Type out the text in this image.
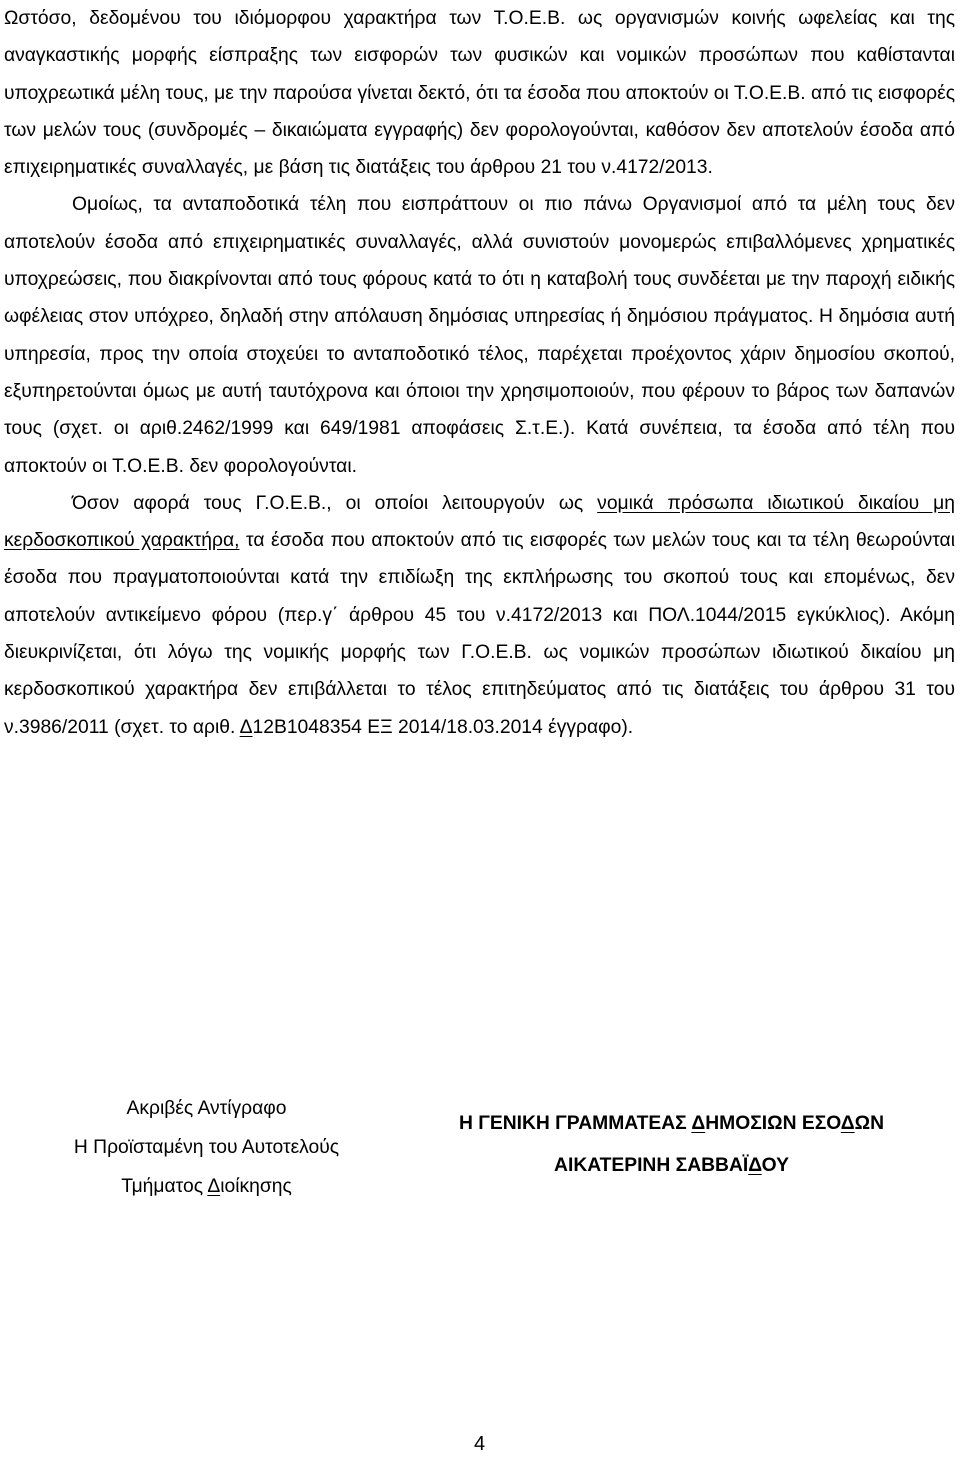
Ωστόσο, δεδομένου του ιδιόμορφου χαρακτήρα των Τ.Ο.Ε.Β. ως οργανισμών κοινής ωφελείας και της αναγκαστικής μορφής είσπραξης των εισφορών των φυσικών και νομικών προσώπων που καθίστανται υποχρεωτικά μέλη τους, με την παρούσα γίνεται δεκτό, ότι τα έσοδα που αποκτούν οι Τ.Ο.Ε.Β. από τις εισφορές των μελών τους (συνδρομές – δικαιώματα εγγραφής) δεν φορολογούνται, καθόσον δεν αποτελούν έσοδα από επιχειρηματικές συναλλαγές, με βάση τις διατάξεις του άρθρου 21 του ν.4172/2013.

Ομοίως, τα ανταποδοτικά τέλη που εισπράττουν οι πιο πάνω Οργανισμοί από τα μέλη τους δεν αποτελούν έσοδα από επιχειρηματικές συναλλαγές, αλλά συνιστούν μονομερώς επιβαλλόμενες χρηματικές υποχρεώσεις, που διακρίνονται από τους φόρους κατά το ότι η καταβολή τους συνδέεται με την παροχή ειδικής ωφέλειας στον υπόχρεο, δηλαδή στην απόλαυση δημόσιας υπηρεσίας ή δημόσιου πράγματος. Η δημόσια αυτή υπηρεσία, προς την οποία στοχεύει το ανταποδοτικό τέλος, παρέχεται προέχοντος χάριν δημοσίου σκοπού, εξυπηρετούνται όμως με αυτή ταυτόχρονα και όποιοι την χρησιμοποιούν, που φέρουν το βάρος των δαπανών τους (σχετ. οι αριθ.2462/1999 και 649/1981 αποφάσεις Σ.τ.Ε.). Κατά συνέπεια, τα έσοδα από τέλη που αποκτούν οι Τ.Ο.Ε.Β. δεν φορολογούνται.

Όσον αφορά τους Γ.Ο.Ε.Β., οι οποίοι λειτουργούν ως νομικά πρόσωπα ιδιωτικού δικαίου μη κερδοσκοπικού χαρακτήρα, τα έσοδα που αποκτούν από τις εισφορές των μελών τους και τα τέλη θεωρούνται έσοδα που πραγματοποιούνται κατά την επιδίωξη της εκπλήρωσης του σκοπού τους και επομένως, δεν αποτελούν αντικείμενο φόρου (περ.γ΄ άρθρου 45 του ν.4172/2013 και ΠΟΛ.1044/2015 εγκύκλιος). Ακόμη διευκρινίζεται, ότι λόγω της νομικής μορφής των Γ.Ο.Ε.Β. ως νομικών προσώπων ιδιωτικού δικαίου μη κερδοσκοπικού χαρακτήρα δεν επιβάλλεται το τέλος επιτηδεύματος από τις διατάξεις του άρθρου 31 του ν.3986/2011 (σχετ. το αριθ. Δ12Β1048354 ΕΞ 2014/18.03.2014 έγγραφο).

Ακριβές Αντίγραφο
Η Προϊσταμένη του Αυτοτελούς
Τμήματος Διοίκησης
Η ΓΕΝΙΚΗ ΓΡΑΜΜΑΤΕΑΣ ΔΗΜΟΣΙΩΝ ΕΣΟΔΩΝ
ΑΙΚΑΤΕΡΙΝΗ ΣΑΒΒΑΪΔΟΥ
4
